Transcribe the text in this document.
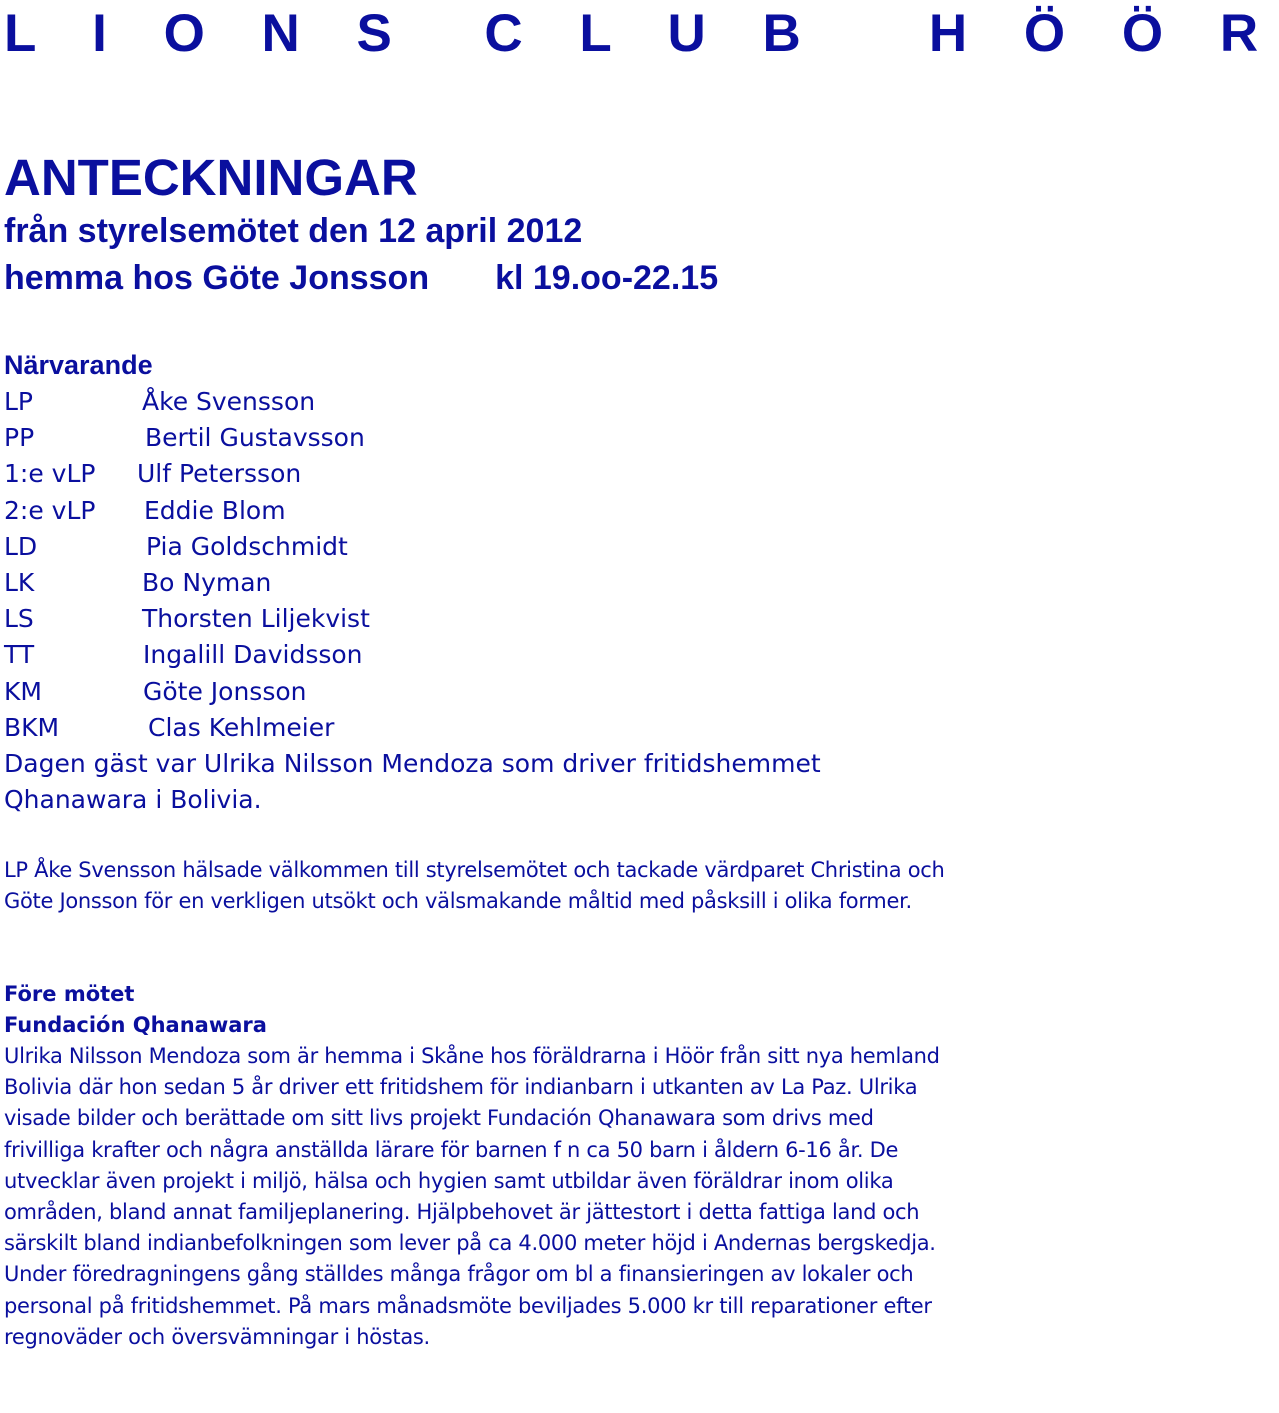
L I O N S  C L U B   H Ö Ö R
ANTECKNINGAR
från styrelsemötet den 12 april 2012
hemma hos Göte Jonsson kl 19.oo-22.15
Närvarande
LP	Åke Svensson
PP	Bertil Gustavsson
1:e vLP Ulf Petersson
2:e vLP Eddie Blom
LD	Pia Goldschmidt
LK	Bo Nyman
LS	Thorsten Liljekvist
TT	Ingalill Davidsson
KM	Göte Jonsson
BKM	Clas Kehlmeier

Dagen gäst var Ulrika Nilsson Mendoza som driver fritidshemmet Qhanawara i Bolivia.

LP Åke Svensson hälsade välkommen till styrelsemötet och tackade värdparet Christina och Göte Jonsson för en verkligen utsökt och välsmakande måltid med påsksill i olika former.

Före mötet
Fundación Qhanawara

Ulrika Nilsson Mendoza som är hemma i Skåne hos föräldrarna i Höör från sitt nya hemland Bolivia där hon sedan 5 år driver ett fritidshem för indianbarn i utkanten av La Paz. Ulrika visade bilder och berättade om sitt livs projekt Fundación Qhanawara som drivs med frivilliga krafter och några anställda lärare för barnen f n ca 50 barn i åldern 6-16 år. De utvecklar även projekt i miljö, hälsa och hygien samt utbildar även föräldrar inom olika områden, bland annat familjeplanering. Hjälpbehovet är jättestort i detta fattiga land och särskilt bland indianbefolkningen som lever på ca 4.000 meter höjd i Andernas bergskedja. Under föredragningens gång ställdes många frågor om bl a finansieringen av lokaler och personal på fritidshemmet. På mars månadsmöte beviljades 5.000 kr till reparationer efter regnoväder och översvämningar i höstas.
